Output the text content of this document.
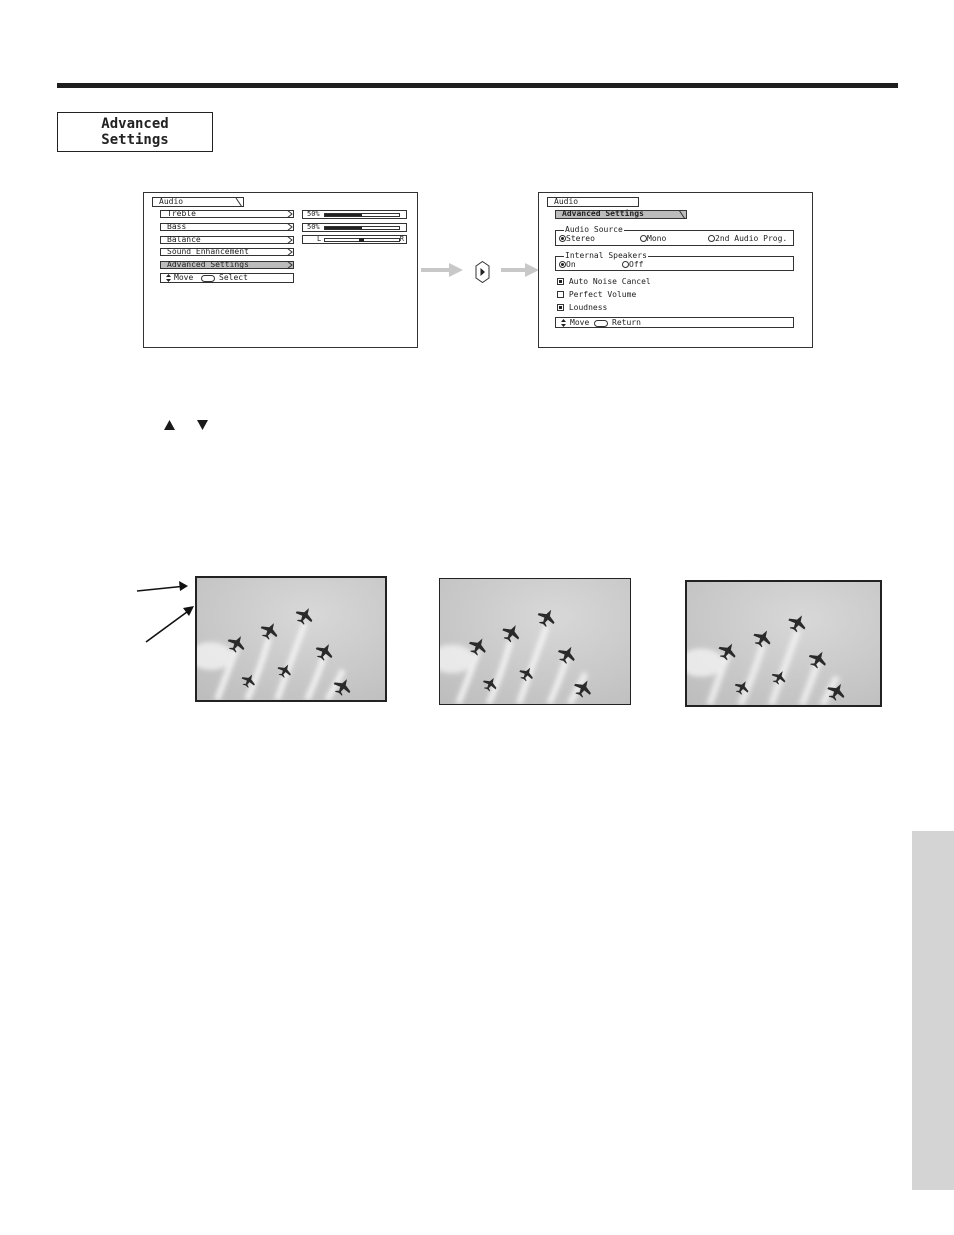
Advanced
Settings
Audio
Treble
Bass
Balance
Sound Enhancement
Advanced Settings
Move	Select
50%
50%
L	R
Audio
Advanced Settings
Audio Source
Stereo	Mono	2nd Audio Prog.
Internal Speakers
On	Off
Auto Noise Cancel
Perfect Volume
Loudness
Move	Return
